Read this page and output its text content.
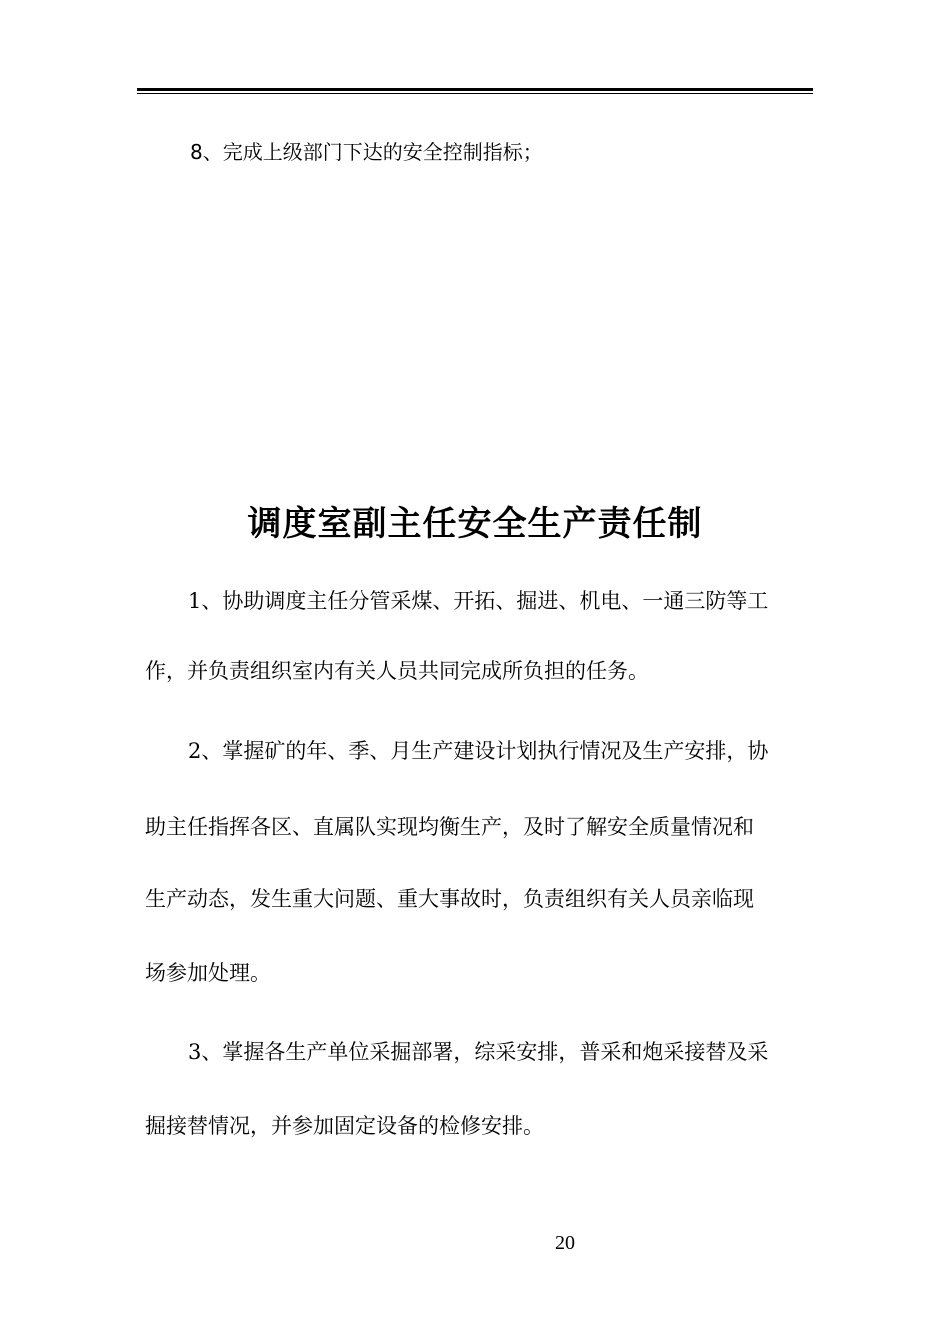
8、完成上级部门下达的安全控制指标；
调度室副主任安全生产责任制
1、协助调度主任分管采煤、开拓、掘进、机电、一通三防等工
作，并负责组织室内有关人员共同完成所负担的任务。
2、掌握矿的年、季、月生产建设计划执行情况及生产安排，协
助主任指挥各区、直属队实现均衡生产，及时了解安全质量情况和
生产动态，发生重大问题、重大事故时，负责组织有关人员亲临现
场参加处理。
3、掌握各生产单位采掘部署，综采安排，普采和炮采接替及采
掘接替情况，并参加固定设备的检修安排。
20
